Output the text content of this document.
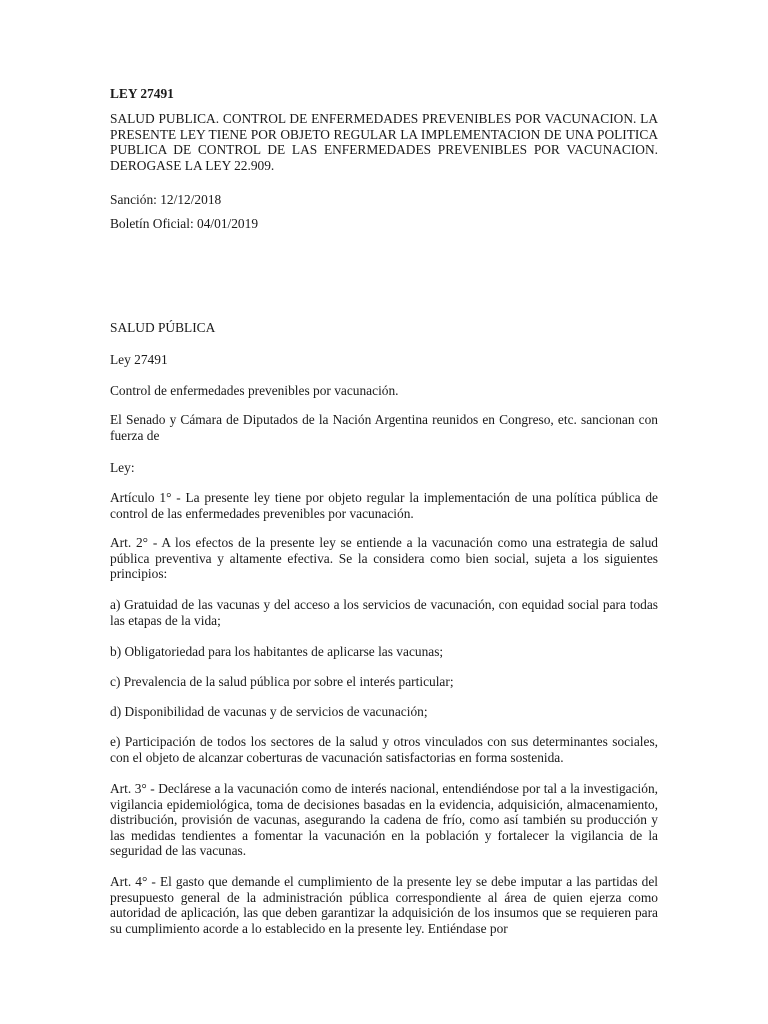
LEY 27491

SALUD PUBLICA. CONTROL DE ENFERMEDADES PREVENIBLES POR VACUNACION. LA PRESENTE LEY TIENE POR OBJETO REGULAR LA IMPLEMENTACION DE UNA POLITICA PUBLICA DE CONTROL DE LAS ENFERMEDADES PREVENIBLES POR VACUNACION. DEROGASE LA LEY 22.909.

Sanción: 12/12/2018

Boletín Oficial: 04/01/2019

SALUD PÚBLICA

Ley 27491

Control de enfermedades prevenibles por vacunación.

El Senado y Cámara de Diputados de la Nación Argentina reunidos en Congreso, etc. sancionan con fuerza de

Ley:

Artículo 1° - La presente ley tiene por objeto regular la implementación de una política pública de control de las enfermedades prevenibles por vacunación.

Art. 2° - A los efectos de la presente ley se entiende a la vacunación como una estrategia de salud pública preventiva y altamente efectiva. Se la considera como bien social, sujeta a los siguientes principios:

a) Gratuidad de las vacunas y del acceso a los servicios de vacunación, con equidad social para todas las etapas de la vida;

b) Obligatoriedad para los habitantes de aplicarse las vacunas;

c) Prevalencia de la salud pública por sobre el interés particular;

d) Disponibilidad de vacunas y de servicios de vacunación;

e) Participación de todos los sectores de la salud y otros vinculados con sus determinantes sociales, con el objeto de alcanzar coberturas de vacunación satisfactorias en forma sostenida.

Art. 3° - Declárese a la vacunación como de interés nacional, entendiéndose por tal a la investigación, vigilancia epidemiológica, toma de decisiones basadas en la evidencia, adquisición, almacenamiento, distribución, provisión de vacunas, asegurando la cadena de frío, como así también su producción y las medidas tendientes a fomentar la vacunación en la población y fortalecer la vigilancia de la seguridad de las vacunas.

Art. 4° - El gasto que demande el cumplimiento de la presente ley se debe imputar a las partidas del presupuesto general de la administración pública correspondiente al área de quien ejerza como autoridad de aplicación, las que deben garantizar la adquisición de los insumos que se requieren para su cumplimiento acorde a lo establecido en la presente ley. Entiéndase por
